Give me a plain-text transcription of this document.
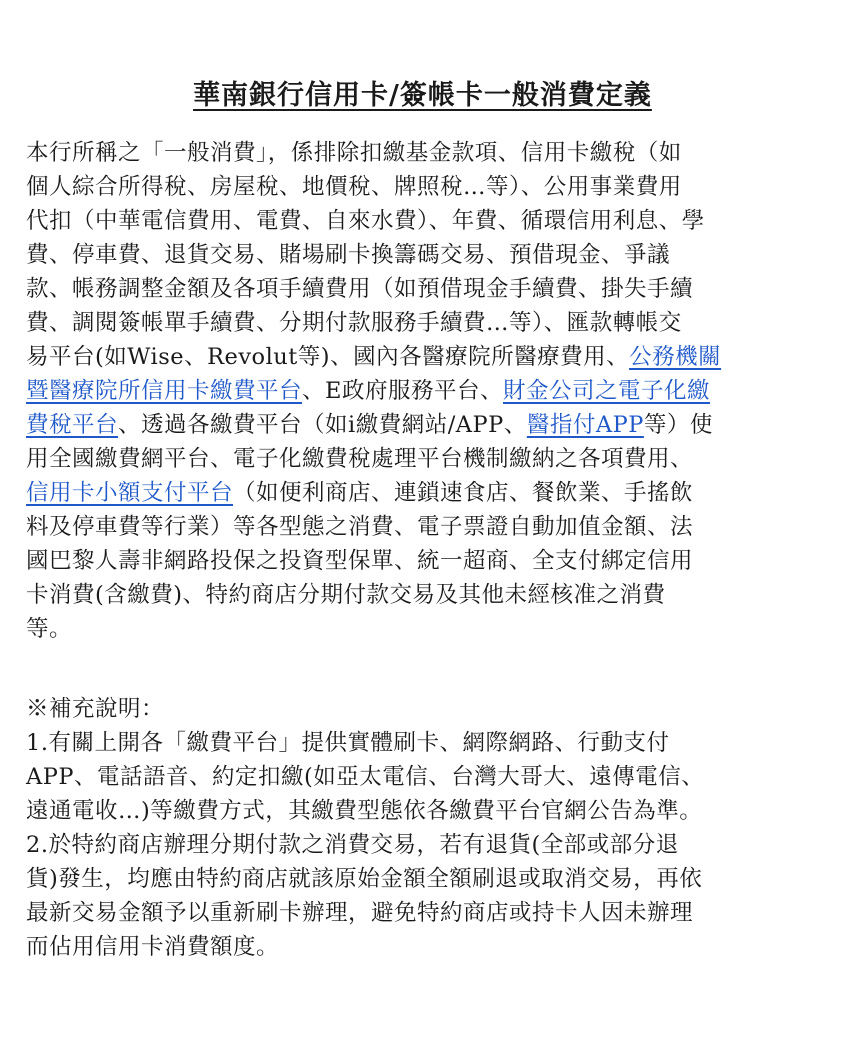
華南銀行信用卡/簽帳卡一般消費定義
本行所稱之「一般消費」，係排除扣繳基金款項、信用卡繳稅（如
個人綜合所得稅、房屋稅、地價稅、牌照稅…等）、公用事業費用
代扣（中華電信費用、電費、自來水費）、年費、循環信用利息、學
費、停車費、退貨交易、賭場刷卡換籌碼交易、預借現金、爭議
款、帳務調整金額及各項手續費用（如預借現金手續費、掛失手續
費、調閱簽帳單手續費、分期付款服務手續費…等）、匯款轉帳交
易平台(如Wise、Revolut等)、國內各醫療院所醫療費用、公務機關
暨醫療院所信用卡繳費平台、E政府服務平台、財金公司之電子化繳
費稅平台、透過各繳費平台（如i繳費網站/APP、醫指付APP等）使
用全國繳費網平台、電子化繳費稅處理平台機制繳納之各項費用、
信用卡小額支付平台（如便利商店、連鎖速食店、餐飲業、手搖飲
料及停車費等行業）等各型態之消費、電子票證自動加值金額、法
國巴黎人壽非網路投保之投資型保單、統一超商、全支付綁定信用
卡消費(含繳費)、特約商店分期付款交易及其他未經核准之消費
等。
※補充說明：
1.有關上開各「繳費平台」提供實體刷卡、網際網路、行動支付
APP、電話語音、約定扣繳(如亞太電信、台灣大哥大、遠傳電信、
遠通電收…)等繳費方式，其繳費型態依各繳費平台官網公告為準。
2.於特約商店辦理分期付款之消費交易，若有退貨(全部或部分退
貨)發生，均應由特約商店就該原始金額全額刷退或取消交易，再依
最新交易金額予以重新刷卡辦理，避免特約商店或持卡人因未辦理
而佔用信用卡消費額度。
